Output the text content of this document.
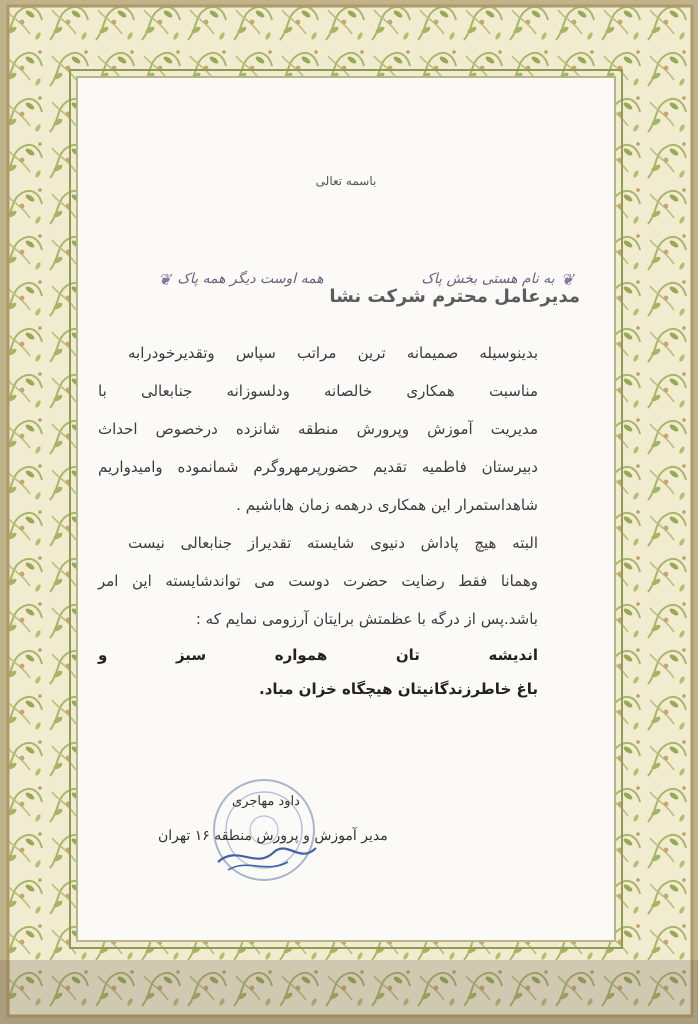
باسمه تعالی
❦
به نام هستی بخش پاک
همه اوست دیگر همه پاک
❦
مدیرعامل محترم شرکت نشا
بدینوسیله صمیمانه ترین مراتب سپاس وتقدیرخودرابه
مناسبت همکاری خالصانه ودلسوزانه جنابعالی با
مدیریت آموزش وپرورش منطقه شانزده درخصوص احداث
دبیرستان فاطمیه تقدیم حضورپرمهروگرم شمانموده وامیدواریم
شاهداستمرار این همکاری درهمه زمان هاباشیم .
البته هیچ پاداش دنیوی شایسته تقدیراز جنابعالی نیست
وهمانا فقط رضایت حضرت دوست می تواندشایسته این امر
باشد.پس از درگه با عظمتش برایتان آرزومی نمایم که :
اندیشه تان همواره سبز و
باغ خاطرزندگانیتان هیچگاه خزان مباد.
داود مهاجری
مدیر آموزش و پرورش منطقه ۱۶ تهران
